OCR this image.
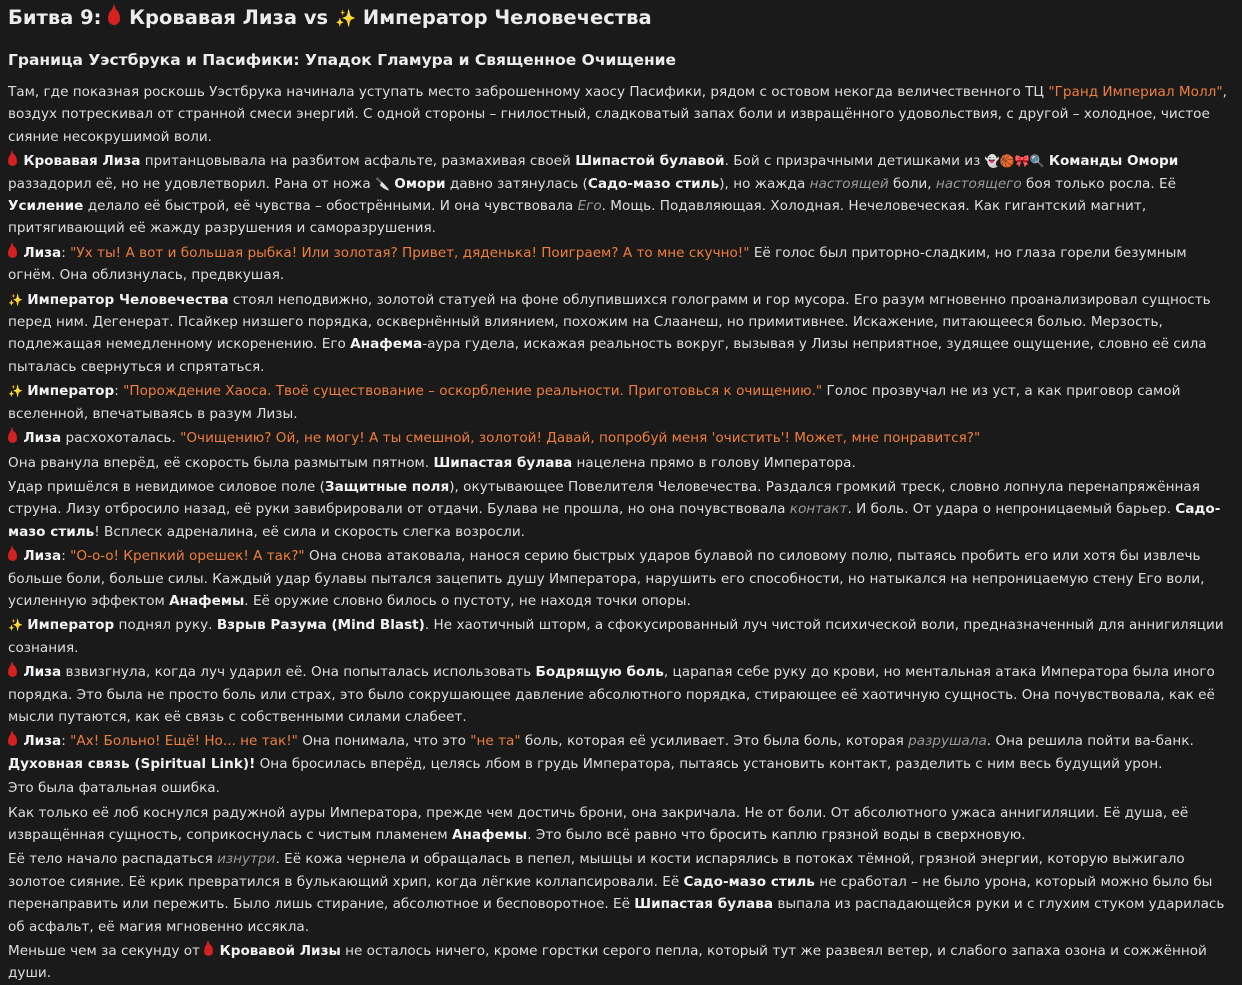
Битва 9:  Кровавая Лиза vs ✨ Император Человечества
Граница Уэстбрука и Пасифики: Упадок Гламура и Священное Очищение

Там, где показная роскошь Уэстбрука начинала уступать место заброшенному хаосу Пасифики, рядом с остовом некогда величественного ТЦ "Гранд Империал Молл", воздух потрескивал от странной смеси энергий. С одной стороны – гнилостный, сладковатый запах боли и извращённого удовольствия, с другой – холодное, чистое сияние несокрушимой воли.

Кровавая Лиза пританцовывала на разбитом асфальте, размахивая своей Шипастой булавой. Бой с призрачными детишками из 👻🏀🎀🔍 Команды Омори раззадорил её, но не удовлетворил. Рана от ножа 🔪 Омори давно затянулась (Садо-мазо стиль), но жажда настоящей боли, настоящего боя только росла. Её Усиление делало её быстрой, её чувства – обострёнными. И она чувствовала Его. Мощь. Подавляющая. Холодная. Нечеловеческая. Как гигантский магнит, притягивающий её жажду разрушения и саморазрушения.

Лиза: "Ух ты! А вот и большая рыбка! Или золотая? Привет, дяденька! Поиграем? А то мне скучно!" Её голос был приторно-сладким, но глаза горели безумным огнём. Она облизнулась, предвкушая.

✨ Император Человечества стоял неподвижно, золотой статуей на фоне облупившихся голограмм и гор мусора. Его разум мгновенно проанализировал сущность перед ним. Дегенерат. Псайкер низшего порядка, осквернённый влиянием, похожим на Слаанеш, но примитивнее. Искажение, питающееся болью. Мерзость, подлежащая немедленному искоренению. Его Анафема-аура гудела, искажая реальность вокруг, вызывая у Лизы неприятное, зудящее ощущение, словно её сила пыталась свернуться и спрятаться.

✨ Император: "Порождение Хаоса. Твоё существование – оскорбление реальности. Приготовься к очищению." Голос прозвучал не из уст, а как приговор самой вселенной, впечатываясь в разум Лизы.

Лиза расхохоталась. "Очищению? Ой, не могу! А ты смешной, золотой! Давай, попробуй меня 'очистить'! Может, мне понравится?"

Она рванула вперёд, её скорость была размытым пятном. Шипастая булава нацелена прямо в голову Императора.

Удар пришёлся в невидимое силовое поле (Защитные поля), окутывающее Повелителя Человечества. Раздался громкий треск, словно лопнула перенапряжённая струна. Лизу отбросило назад, её руки завибрировали от отдачи. Булава не прошла, но она почувствовала контакт. И боль. От удара о непроницаемый барьер. Садо-мазо стиль! Всплеск адреналина, её сила и скорость слегка возросли.

Лиза: "О-о-о! Крепкий орешек! А так?" Она снова атаковала, нанося серию быстрых ударов булавой по силовому полю, пытаясь пробить его или хотя бы извлечь больше боли, больше силы. Каждый удар булавы пытался зацепить душу Императора, нарушить его способности, но натыкался на непроницаемую стену Его воли, усиленную эффектом Анафемы. Её оружие словно билось о пустоту, не находя точки опоры.

✨ Император поднял руку. Взрыв Разума (Mind Blast). Не хаотичный шторм, а сфокусированный луч чистой психической воли, предназначенный для аннигиляции сознания.

Лиза взвизгнула, когда луч ударил её. Она попыталась использовать Бодрящую боль, царапая себе руку до крови, но ментальная атака Императора была иного порядка. Это была не просто боль или страх, это было сокрушающее давление абсолютного порядка, стирающее её хаотичную сущность. Она почувствовала, как её мысли путаются, как её связь с собственными силами слабеет.

Лиза: "Ах! Больно! Ещё! Но... не так!" Она понимала, что это "не та" боль, которая её усиливает. Это была боль, которая разрушала. Она решила пойти ва-банк. Духовная связь (Spiritual Link)! Она бросилась вперёд, целясь лбом в грудь Императора, пытаясь установить контакт, разделить с ним весь будущий урон.

Это была фатальная ошибка.

Как только её лоб коснулся радужной ауры Императора, прежде чем достичь брони, она закричала. Не от боли. От абсолютного ужаса аннигиляции. Её душа, её извращённая сущность, соприкоснулась с чистым пламенем Анафемы. Это было всё равно что бросить каплю грязной воды в сверхновую.

Её тело начало распадаться изнутри. Её кожа чернела и обращалась в пепел, мышцы и кости испарялись в потоках тёмной, грязной энергии, которую выжигало золотое сияние. Её крик превратился в булькающий хрип, когда лёгкие коллапсировали. Её Садо-мазо стиль не сработал – не было урона, который можно было бы перенаправить или пережить. Было лишь стирание, абсолютное и бесповоротное. Её Шипастая булава выпала из распадающейся руки и с глухим стуком ударилась об асфальт, её магия мгновенно иссякла.

Меньше чем за секунду от  Кровавой Лизы не осталось ничего, кроме горстки серого пепла, который тут же развеял ветер, и слабого запаха озона и сожжённой души.
